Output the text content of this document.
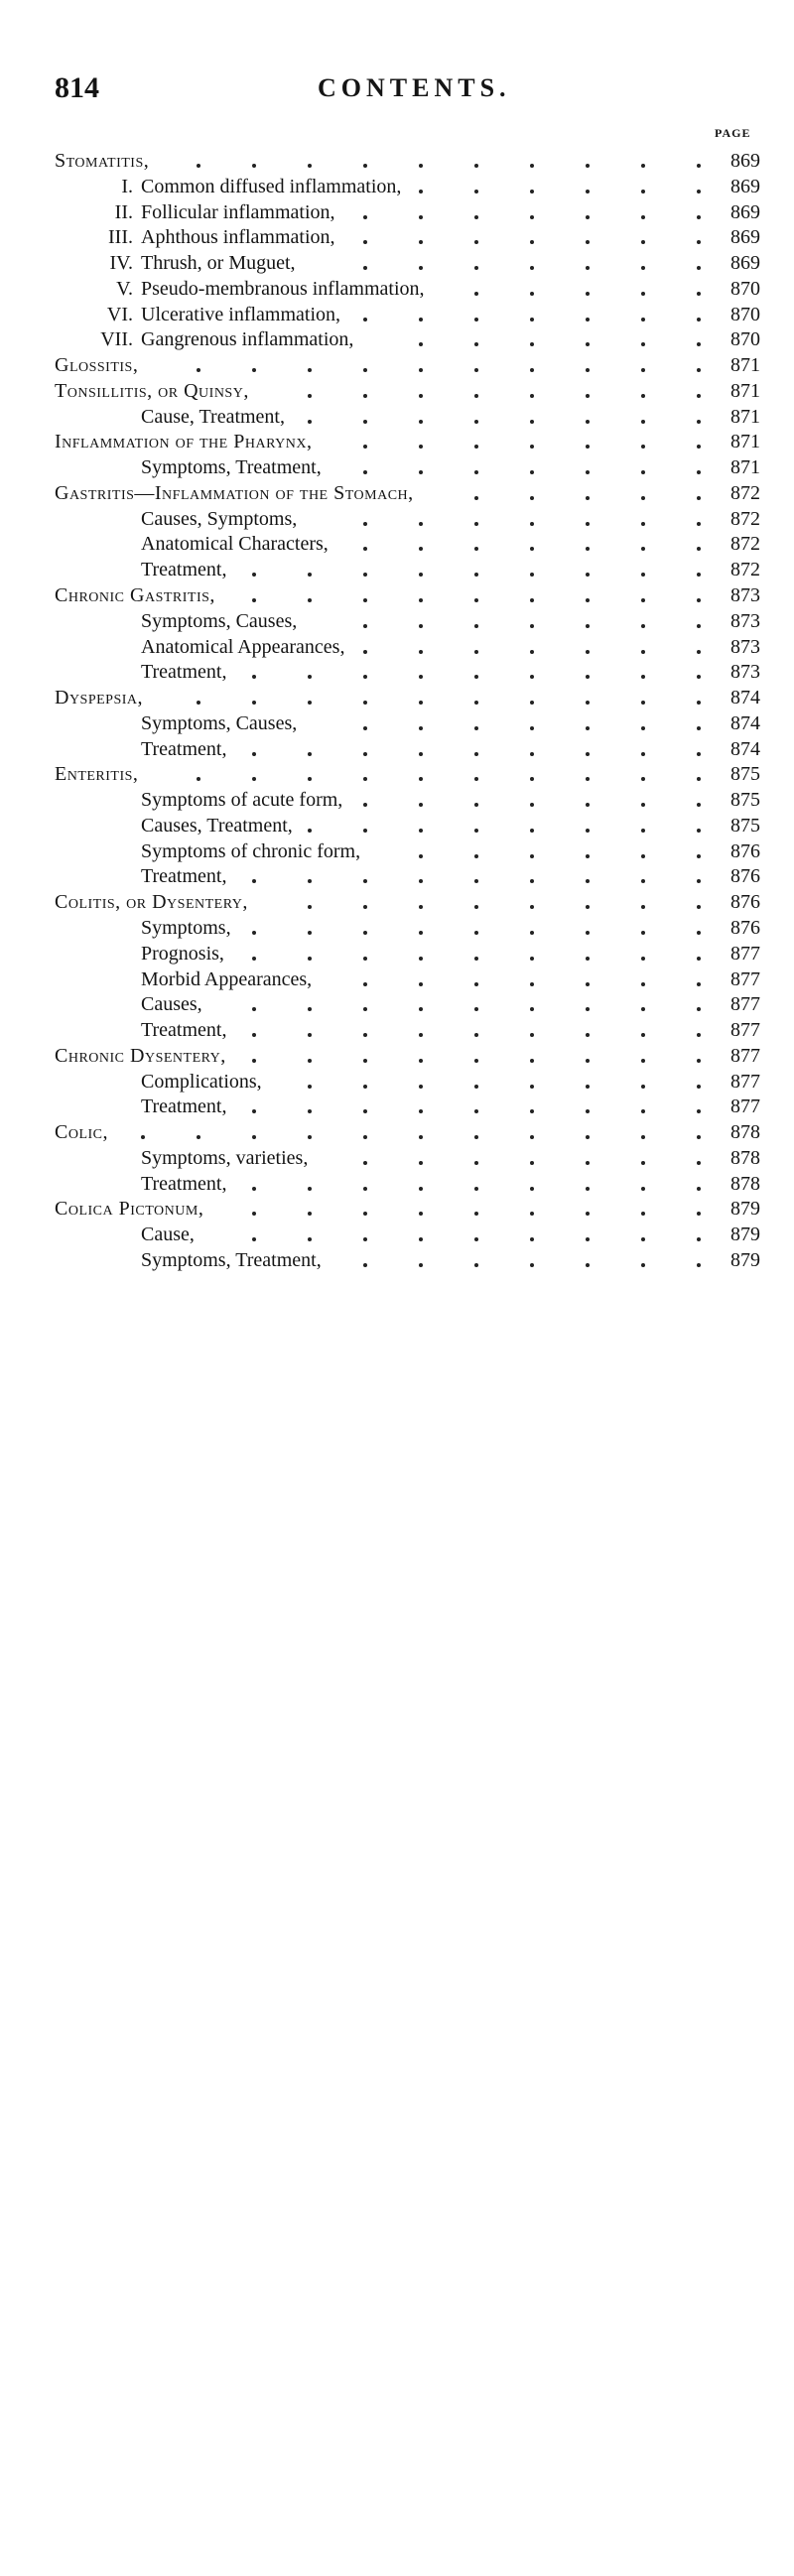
814	CONTENTS.
PAGE
Stomatitis,	869
I. Common diffused inflammation,	869
II. Follicular inflammation,	869
III. Aphthous inflammation,	869
IV. Thrush, or Muguet,	869
V. Pseudo-membranous inflammation,	870
VI. Ulcerative inflammation,	870
VII. Gangrenous inflammation,	870
Glossitis,	871
Tonsillitis, or Quinsy,	871
Cause, Treatment,	871
Inflammation of the Pharynx,	871
Symptoms, Treatment,	871
Gastritis—Inflammation of the Stomach,	872
Causes, Symptoms,	872
Anatomical Characters,	872
Treatment,	872
Chronic Gastritis,	873
Symptoms, Causes,	873
Anatomical Appearances,	873
Treatment,	873
Dyspepsia,	874
Symptoms, Causes,	874
Treatment,	874
Enteritis,	875
Symptoms of acute form,	875
Causes, Treatment,	875
Symptoms of chronic form,	876
Treatment,	876
Colitis, or Dysentery,	876
Symptoms,	876
Prognosis,	877
Morbid Appearances,	877
Causes,	877
Treatment,	877
Chronic Dysentery,	877
Complications,	877
Treatment,	877
Colic,	878
Symptoms, varieties,	878
Treatment,	878
Colica Pictonum,	879
Cause,	879
Symptoms, Treatment,	879
